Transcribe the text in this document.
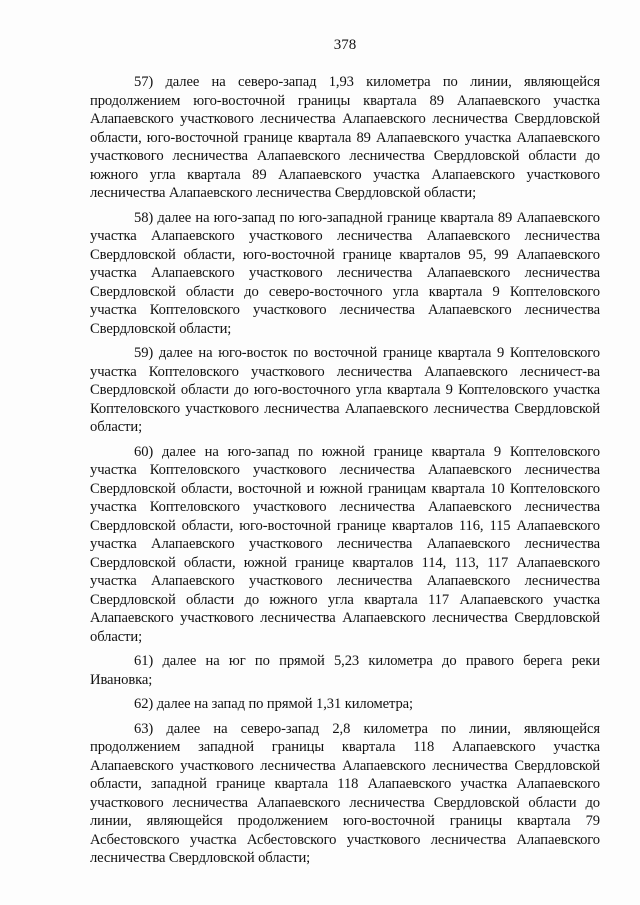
378

57) далее на северо-запад 1,93 километра по линии, являющейся продолжением юго-восточной границы квартала 89 Алапаевского участка Алапаевского участкового лесничества Алапаевского лесничества Свердловской области, юго-восточной границе квартала 89 Алапаевского участка Алапаевского участкового лесничества Алапаевского лесничества Свердловской области до южного угла квартала 89 Алапаевского участка Алапаевского участкового лесничества Алапаевского лесничества Свердловской области;

58) далее на юго-запад по юго-западной границе квартала 89 Алапаевского участка Алапаевского участкового лесничества Алапаевского лесничества Свердловской области, юго-восточной границе кварталов 95, 99 Алапаевского участка Алапаевского участкового лесничества Алапаевского лесничества Свердловской области до северо-восточного угла квартала 9 Коптеловского участка Коптеловского участкового лесничества Алапаевского лесничества Свердловской области;

59) далее на юго-восток по восточной границе квартала 9 Коптеловского участка Коптеловского участкового лесничества Алапаевского лесничест-ва Свердловской области до юго-восточного угла квартала 9 Коптеловского участка Коптеловского участкового лесничества Алапаевского лесничества Свердловской области;

60) далее на юго-запад по южной границе квартала 9 Коптеловского участка Коптеловского участкового лесничества Алапаевского лесничества Свердловской области, восточной и южной границам квартала 10 Коптеловского участка Коптеловского участкового лесничества Алапаевского лесничества Свердловской области, юго-восточной границе кварталов 116, 115 Алапаевского участка Алапаевского участкового лесничества Алапаевского лесничества Свердловской области, южной границе кварталов 114, 113, 117 Алапаевского участка Алапаевского участкового лесничества Алапаевского лесничества Свердловской области до южного угла квартала 117 Алапаевского участка Алапаевского участкового лесничества Алапаевского лесничества Свердловской области;

61) далее на юг по прямой 5,23 километра до правого берега реки Ивановка;

62) далее на запад по прямой 1,31 километра;

63) далее на северо-запад 2,8 километра по линии, являющейся продолжением западной границы квартала 118 Алапаевского участка Алапаевского участкового лесничества Алапаевского лесничества Свердловской области, западной границе квартала 118 Алапаевского участка Алапаевского участкового лесничества Алапаевского лесничества Свердловской области до линии, являющейся продолжением юго-восточной границы квартала 79 Асбестовского участка Асбестовского участкового лесничества Алапаевского лесничества Свердловской области;
